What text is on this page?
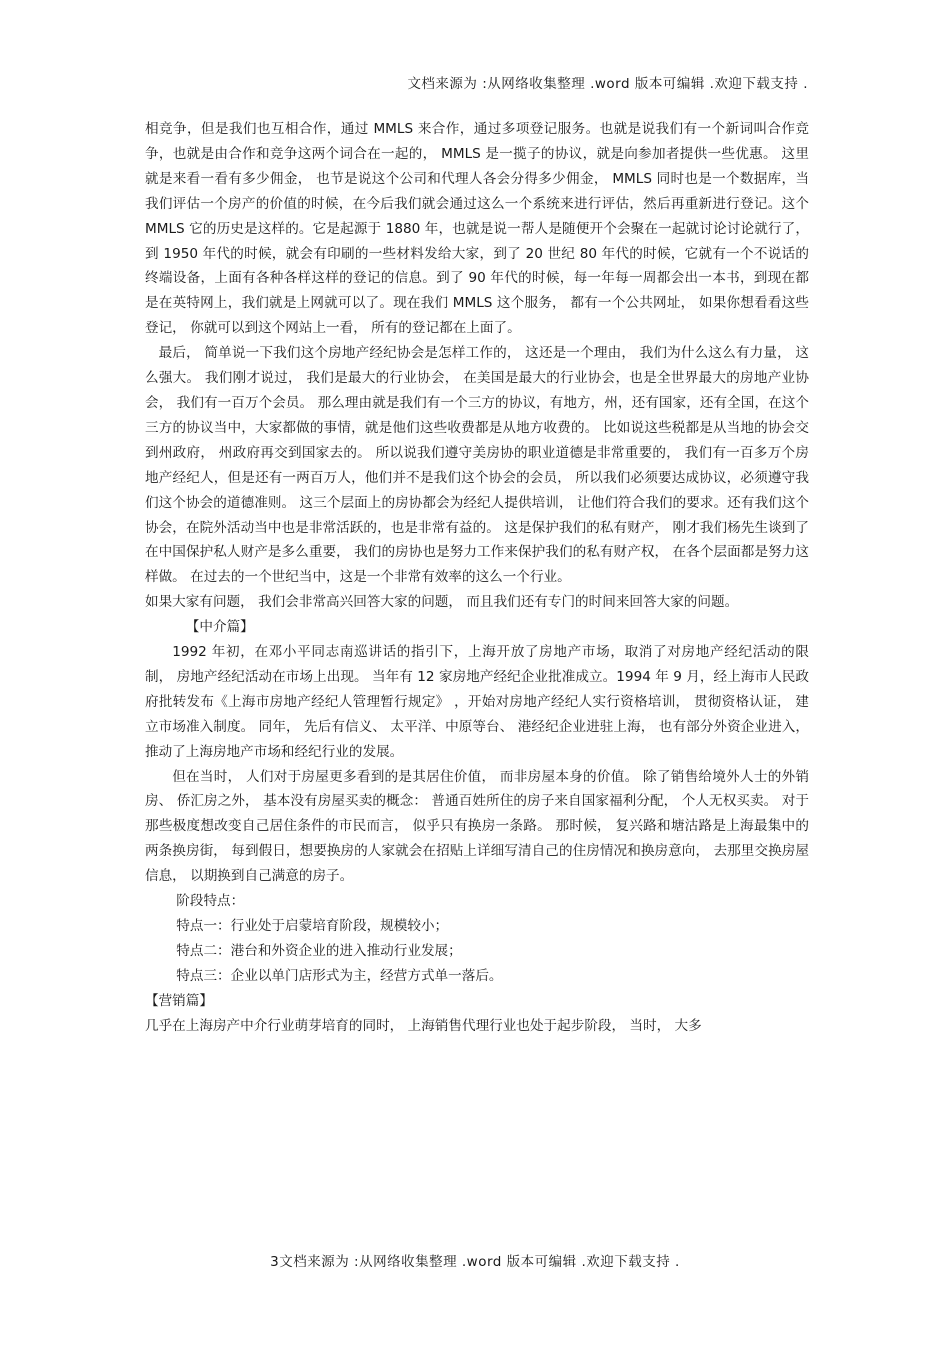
文档来源为 :从网络收集整理 .word 版本可编辑 .欢迎下载支持 .

相竞争，但是我们也互相合作，通过 MMLS 来合作，通过多项登记服务。也就是说我们有一个新词叫合作竞争，也就是由合作和竞争这两个词合在一起的， MMLS 是一揽子的协议，就是向参加者提供一些优惠。 这里就是来看一看有多少佣金， 也节是说这个公司和代理人各会分得多少佣金， MMLS 同时也是一个数据库，当我们评估一个房产的价值的时候，在今后我们就会通过这么一个系统来进行评估，然后再重新进行登记。这个 MMLS 它的历史是这样的。它是起源于 1880 年，也就是说一帮人是随便开个会聚在一起就讨论讨论就行了，到 1950 年代的时候，就会有印刷的一些材料发给大家，到了 20 世纪 80 年代的时候，它就有一个不说话的终端设备，上面有各种各样这样的登记的信息。到了 90 年代的时候，每一年每一周都会出一本书，到现在都是在英特网上，我们就是上网就可以了。现在我们 MMLS 这个服务， 都有一个公共网址， 如果你想看看这些登记， 你就可以到这个网站上一看， 所有的登记都在上面了。

最后， 简单说一下我们这个房地产经纪协会是怎样工作的， 这还是一个理由， 我们为什么这么有力量， 这么强大。 我们刚才说过， 我们是最大的行业协会， 在美国是最大的行业协会，也是全世界最大的房地产业协会， 我们有一百万个会员。 那么理由就是我们有一个三方的协议，有地方，州，还有国家，还有全国，在这个三方的协议当中，大家都做的事情，就是他们这些收费都是从地方收费的。 比如说这些税都是从当地的协会交到州政府， 州政府再交到国家去的。 所以说我们遵守美房协的职业道德是非常重要的， 我们有一百多万个房地产经纪人，但是还有一两百万人，他们并不是我们这个协会的会员， 所以我们必须要达成协议，必须遵守我们这个协会的道德准则。 这三个层面上的房协都会为经纪人提供培训， 让他们符合我们的要求。还有我们这个协会，在院外活动当中也是非常活跃的，也是非常有益的。 这是保护我们的私有财产， 刚才我们杨先生谈到了在中国保护私人财产是多么重要， 我们的房协也是努力工作来保护我们的私有财产权， 在各个层面都是努力这样做。 在过去的一个世纪当中，这是一个非常有效率的这么一个行业。

如果大家有问题， 我们会非常高兴回答大家的问题， 而且我们还有专门的时间来回答大家的问题。

【中介篇】

1992 年初，在邓小平同志南巡讲话的指引下，上海开放了房地产市场，取消了对房地产经纪活动的限制， 房地产经纪活动在市场上出现。 当年有 12 家房地产经纪企业批准成立。1994 年 9 月，经上海市人民政府批转发布《上海市房地产经纪人管理暂行规定》 ，开始对房地产经纪人实行资格培训， 贯彻资格认证， 建立市场准入制度。 同年， 先后有信义、 太平洋、中原等台、 港经纪企业进驻上海， 也有部分外资企业进入， 推动了上海房地产市场和经纪行业的发展。

但在当时， 人们对于房屋更多看到的是其居住价值， 而非房屋本身的价值。 除了销售给境外人士的外销房、 侨汇房之外， 基本没有房屋买卖的概念： 普通百姓所住的房子来自国家福利分配， 个人无权买卖。 对于那些极度想改变自己居住条件的市民而言， 似乎只有换房一条路。 那时候， 复兴路和塘沽路是上海最集中的两条换房街， 每到假日，想要换房的人家就会在招贴上详细写清自己的住房情况和换房意向， 去那里交换房屋信息， 以期换到自己满意的房子。

阶段特点：

特点一：行业处于启蒙培育阶段，规模较小；

特点二：港台和外资企业的进入推动行业发展；

特点三：企业以单门店形式为主，经营方式单一落后。

【营销篇】

几乎在上海房产中介行业萌芽培育的同时， 上海销售代理行业也处于起步阶段， 当时， 大多

3文档来源为 :从网络收集整理 .word 版本可编辑 .欢迎下载支持 .
